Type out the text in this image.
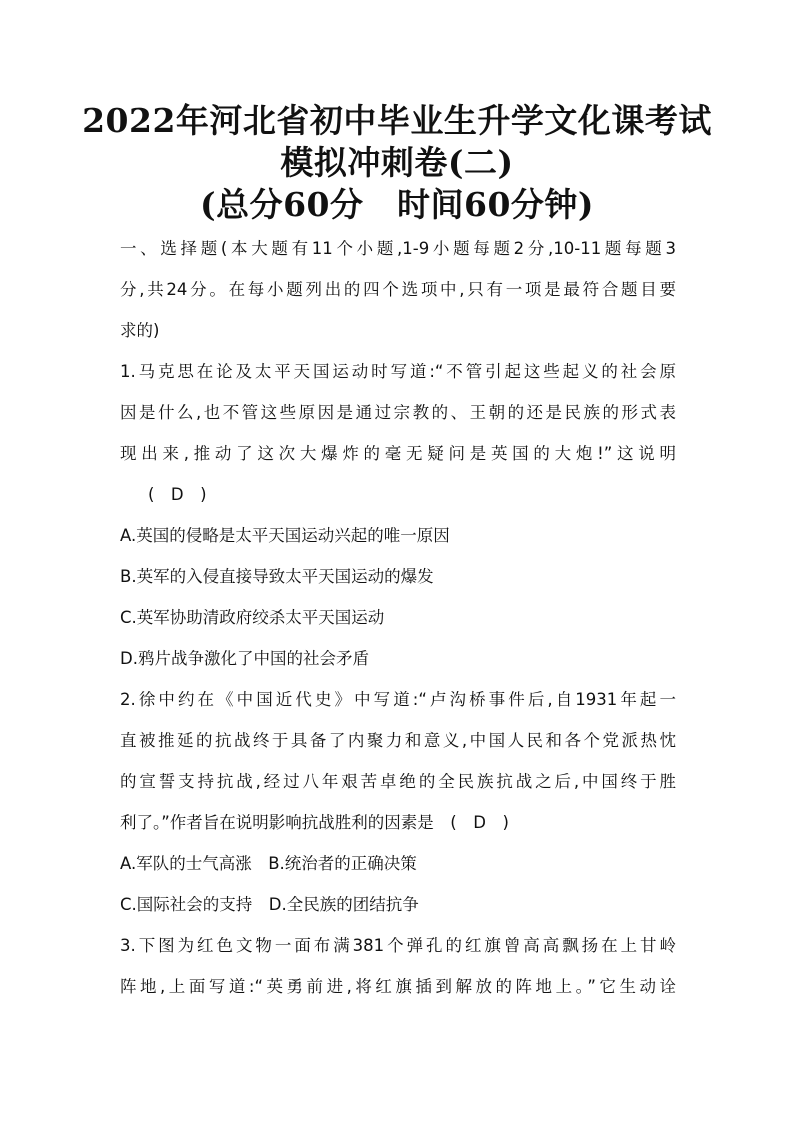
2022年河北省初中毕业生升学文化课考试
模拟冲刺卷(二)
(总分60分　时间60分钟)
一、选择题(本大题有11个小题,1-9小题每题2分,10-11题每题3
分,共24分。在每小题列出的四个选项中,只有一项是最符合题目要
求的)
1.马克思在论及太平天国运动时写道:“不管引起这些起义的社会原
因是什么,也不管这些原因是通过宗教的、王朝的还是民族的形式表
现出来,推动了这次大爆炸的毫无疑问是英国的大炮!”这说明
(　D　)
A.英国的侵略是太平天国运动兴起的唯一原因
B.英军的入侵直接导致太平天国运动的爆发
C.英军协助清政府绞杀太平天国运动
D.鸦片战争激化了中国的社会矛盾
2.徐中约在《中国近代史》中写道:“卢沟桥事件后,自1931年起一
直被推延的抗战终于具备了内聚力和意义,中国人民和各个党派热忱
的宣誓支持抗战,经过八年艰苦卓绝的全民族抗战之后,中国终于胜
利了。”作者旨在说明影响抗战胜利的因素是　(　D　)
A.军队的士气高涨　B.统治者的正确决策
C.国际社会的支持　D.全民族的团结抗争
3.下图为红色文物一面布满381个弹孔的红旗曾高高飘扬在上甘岭
阵地,上面写道:“英勇前进,将红旗插到解放的阵地上。”它生动诠
